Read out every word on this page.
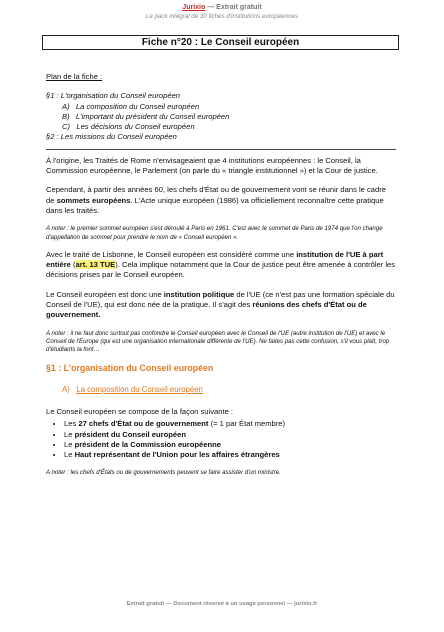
Jurixio — Extrait gratuit
Le pack intégral de 30 fiches d'institutions européennes
Fiche n°20 : Le Conseil européen
Plan de la fiche :
§1 : L'organisation du Conseil européen
A)   La composition du Conseil européen
B)   L'important du président du Conseil européen
C)   Les décisions du Conseil européen
§2 : Les missions du Conseil européen

À l'origine, les Traités de Rome n'envisageaient que 4 institutions européennes : le Conseil, la Commission européenne, le Parlement (on parle du « triangle institutionnel ») et la Cour de justice.

Cependant, à partir des années 60, les chefs d'État ou de gouvernement vont se réunir dans le cadre de sommets européens. L'Acte unique européen (1986) va officiellement reconnaître cette pratique dans les traités.

A noter : le premier sommet européen s'est déroulé à Paris en 1961. C'est avec le sommet de Paris de 1974 que l'on change d'appellation de sommet pour prendre le nom de « Conseil européen ».

Avec le traité de Lisbonne, le Conseil européen est considéré comme une institution de l'UE à part entière (art. 13 TUE). Cela implique notamment que la Cour de justice peut être amenée à contrôler les décisions prises par le Conseil européen.

Le Conseil européen est donc une institution politique de l'UE (ce n'est pas une formation spéciale du Conseil de l'UE), qui est donc née de la pratique. Il s'agit des réunions des chefs d'État ou de gouvernement.

A noter : il ne faut donc surtout pas confondre le Conseil européen avec le Conseil de l'UE (autre institution de l'UE) et avec le Conseil de l'Europe (qui est une organisation internationale différente de l'UE). Ne faites pas cette confusion, s'il vous plaît, trop d'étudiants la font…

§1 : L'organisation du Conseil européen
A) La composition du Conseil européen
Le Conseil européen se compose de la façon suivante :
• Les 27 chefs d'État ou de gouvernement (= 1 par État membre)
• Le président du Conseil européen
• Le président de la Commission européenne
• Le Haut représentant de l'Union pour les affaires étrangères

A noter : les chefs d'États ou de gouvernements peuvent se faire assister d'un ministre.

Extrait gratuit — Document réservé à un usage personnel — jurixio.fr
